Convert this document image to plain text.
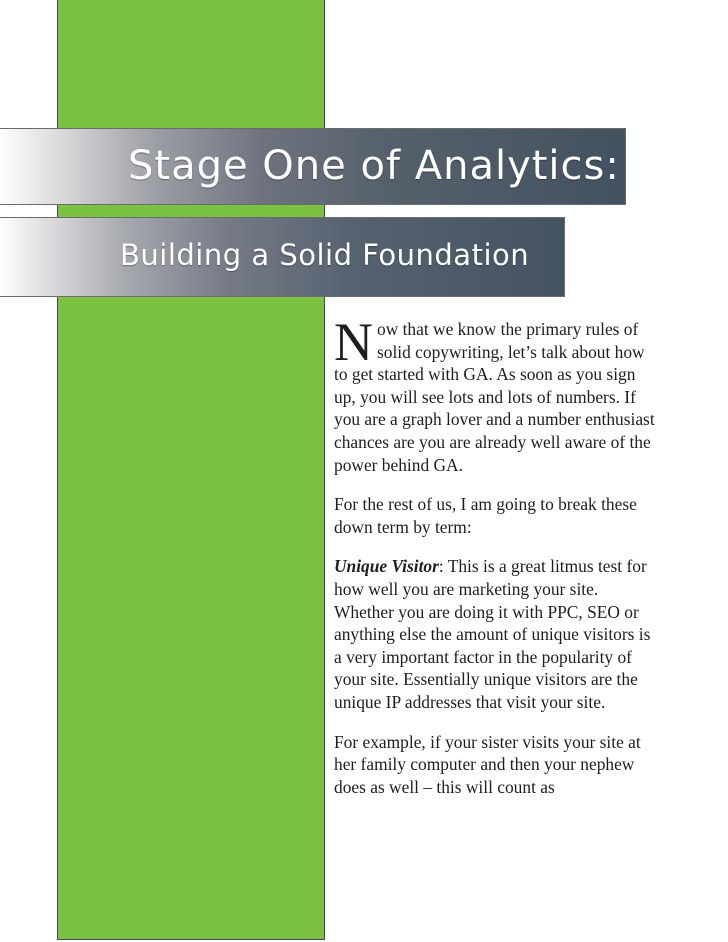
Stage One of Analytics:
Building a Solid Foundation

Now that we know the primary rules of solid copywriting, let’s talk about how to get started with GA. As soon as you sign up, you will see lots and lots of numbers. If you are a graph lover and a number enthusiast chances are you are already well aware of the power behind GA.

For the rest of us, I am going to break these down term by term:

Unique Visitor: This is a great litmus test for how well you are marketing your site. Whether you are doing it with PPC, SEO or anything else the amount of unique visitors is a very important factor in the popularity of your site. Essentially unique visitors are the unique IP addresses that visit your site.

For example, if your sister visits your site at her family computer and then your nephew does as well – this will count as
